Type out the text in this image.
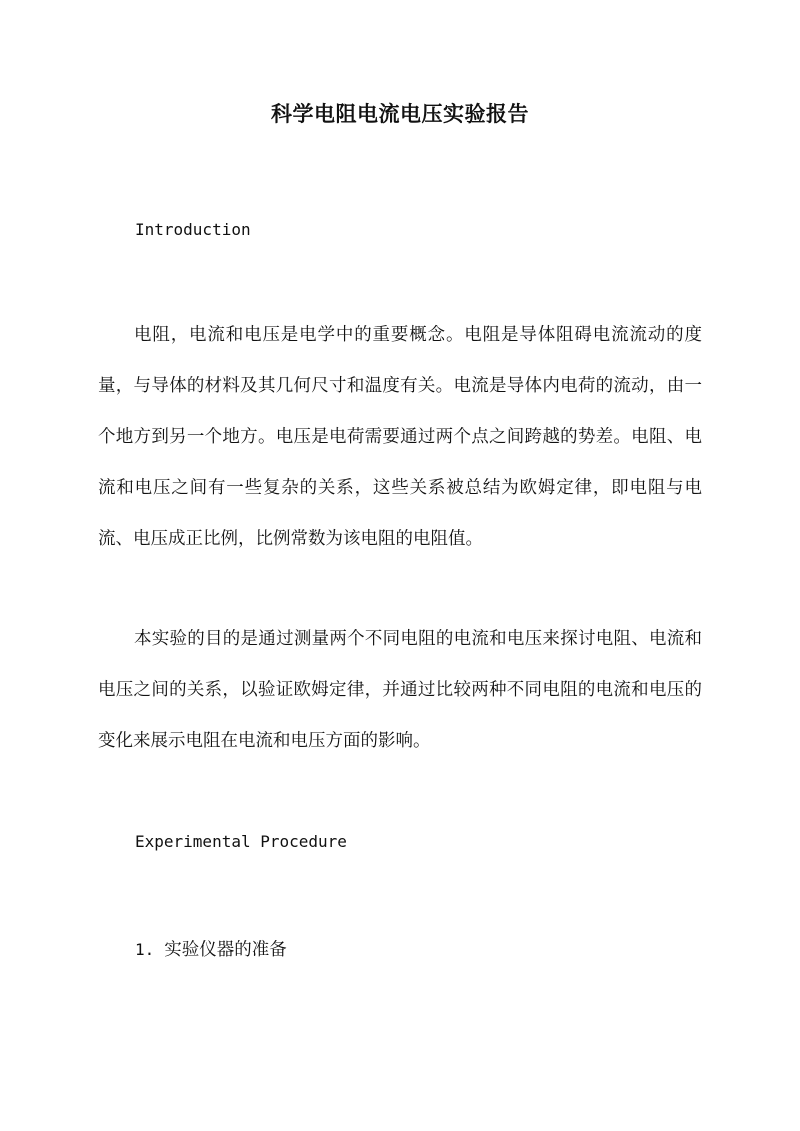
科学电阻电流电压实验报告
Introduction
电阻，电流和电压是电学中的重要概念。电阻是导体阻碍电流流动的度量，与导体的材料及其几何尺寸和温度有关。电流是导体内电荷的流动，由一个地方到另一个地方。电压是电荷需要通过两个点之间跨越的势差。电阻、电流和电压之间有一些复杂的关系，这些关系被总结为欧姆定律，即电阻与电流、电压成正比例，比例常数为该电阻的电阻值。
本实验的目的是通过测量两个不同电阻的电流和电压来探讨电阻、电流和电压之间的关系，以验证欧姆定律，并通过比较两种不同电阻的电流和电压的变化来展示电阻在电流和电压方面的影响。
Experimental Procedure
1. 实验仪器的准备
